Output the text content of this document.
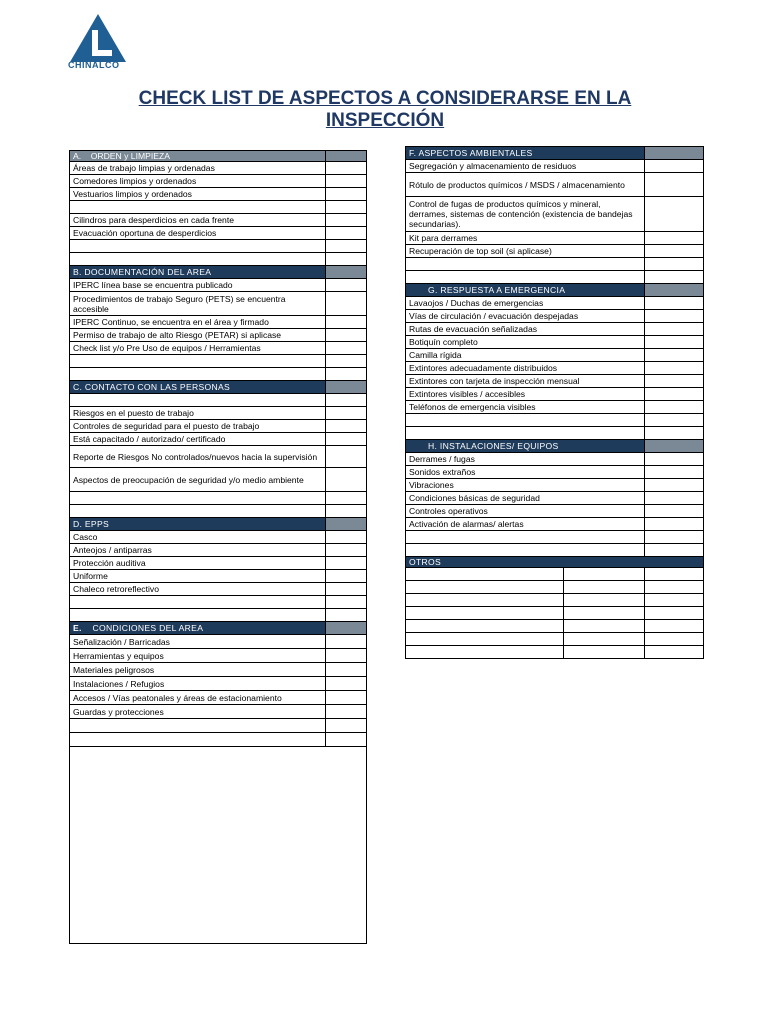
CHINALCO
CHECK LIST DE ASPECTOS A CONSIDERARSE EN LA
INSPECCIÓN
A. ORDEN y LIMPIEZA	
Áreas de trabajo limpias y ordenadas	
Comedores limpios y ordenados	
Vestuarios limpios y ordenados	

Cilindros para desperdicios en cada frente	
Evacuación oportuna de desperdicios	

B. DOCUMENTACIÓN DEL AREA	
IPERC línea base se encuentra publicado	
Procedimientos de trabajo Seguro (PETS) se encuentra accesible	
IPERC Continuo, se encuentra en el área y firmado	
Permiso de trabajo de alto Riesgo (PETAR) si aplicase	
Check list y/o Pre Uso de equipos / Herramientas	

C. CONTACTO CON LAS PERSONAS	

Riesgos en el puesto de trabajo	
Controles de seguridad para el puesto de trabajo	
Está capacitado / autorizado/ certificado	
Reporte de Riesgos No controlados/nuevos hacia la supervisión	
Aspectos de preocupación de seguridad y/o medio ambiente	

D. EPPS	
Casco	
Anteojos / antiparras	
Protección auditiva	
Uniforme	
Chaleco retroreflectivo	

E. CONDICIONES DEL AREA	
Señalización / Barricadas	
Herramientas y equipos	
Materiales peligrosos	
Instalaciones / Refugios	
Accesos / Vías peatonales y áreas de estacionamiento	
Guardas y protecciones	

F. ASPECTOS AMBIENTALES		
Segregación y almacenamiento de residuos		
Rótulo de productos químicos / MSDS / almacenamiento		
Control de fugas de productos químicos y mineral, derrames, sistemas de contención (existencia de bandejas secundarias).		
Kit para derrames		
Recuperación de top soil (si aplicase)		

G. RESPUESTA A EMERGENCIA		
Lavaojos / Duchas de emergencias		
Vías de circulación / evacuación despejadas		
Rutas de evacuación señalizadas		
Botiquín completo		
Camilla rígida		
Extintores adecuadamente distribuidos		
Extintores con tarjeta de inspección mensual		
Extintores visibles / accesibles		
Teléfonos de emergencia visibles		

H. INSTALACIONES/ EQUIPOS		
Derrames / fugas		
Sonidos extraños		
Vibraciones		
Condiciones básicas de seguridad		
Controles operativos		
Activación de alarmas/ alertas		

OTROS		
